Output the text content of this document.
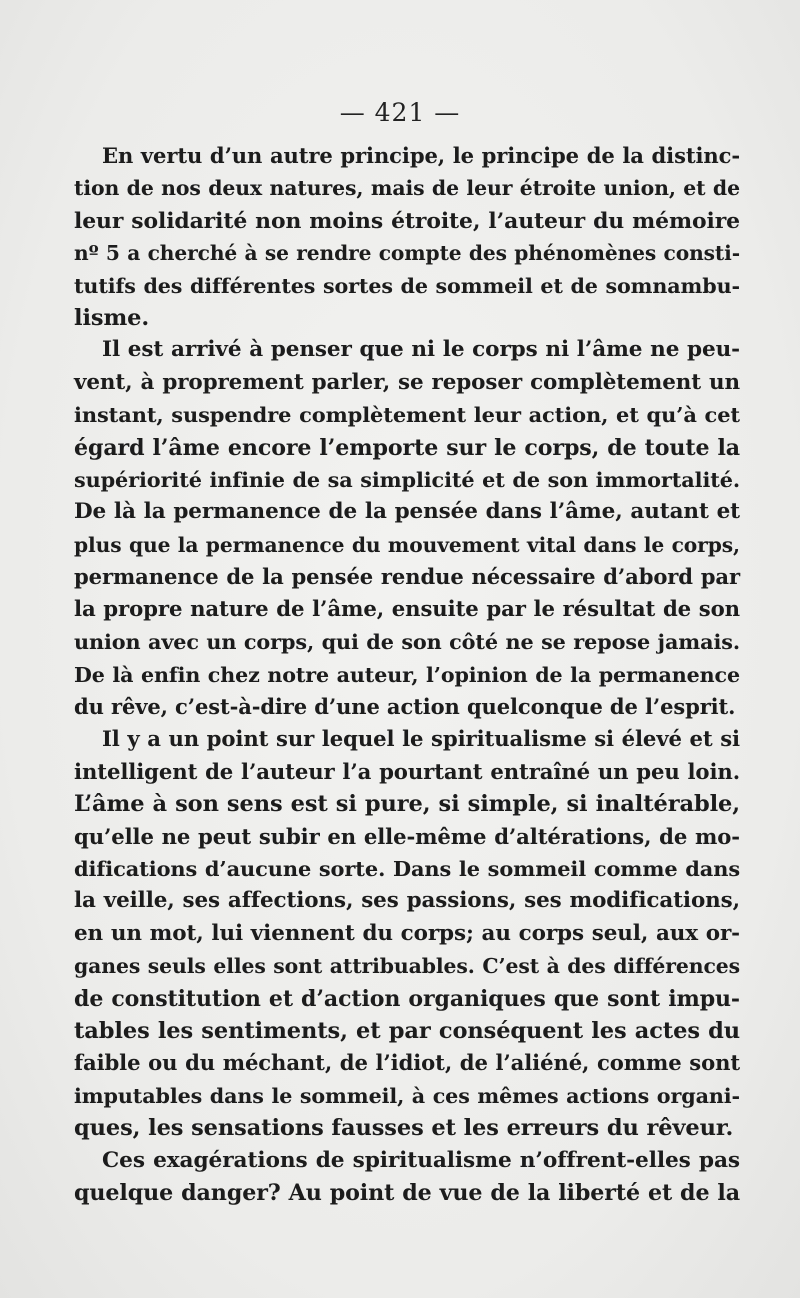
— 421 —
En vertu d’un autre principe, le principe de la distinc-
tion de nos deux natures, mais de leur étroite union, et de
leur solidarité non moins étroite, l’auteur du mémoire
nº 5 a cherché à se rendre compte des phénomènes consti-
tutifs des différentes sortes de sommeil et de somnambu-
lisme.
Il est arrivé à penser que ni le corps ni l’âme ne peu-
vent, à proprement parler, se reposer complètement un
instant, suspendre complètement leur action, et qu’à cet
égard l’âme encore l’emporte sur le corps, de toute la
supériorité infinie de sa simplicité et de son immortalité.
De là la permanence de la pensée dans l’âme, autant et
plus que la permanence du mouvement vital dans le corps,
permanence de la pensée rendue nécessaire d’abord par
la propre nature de l’âme, ensuite par le résultat de son
union avec un corps, qui de son côté ne se repose jamais.
De là enfin chez notre auteur, l’opinion de la permanence
du rêve, c’est-à-dire d’une action quelconque de l’esprit.
Il y a un point sur lequel le spiritualisme si élevé et si
intelligent de l’auteur l’a pourtant entraîné un peu loin.
L’âme à son sens est si pure, si simple, si inaltérable,
qu’elle ne peut subir en elle-même d’altérations, de mo-
difications d’aucune sorte. Dans le sommeil comme dans
la veille, ses affections, ses passions, ses modifications,
en un mot, lui viennent du corps; au corps seul, aux or-
ganes seuls elles sont attribuables. C’est à des différences
de constitution et d’action organiques que sont impu-
tables les sentiments, et par conséquent les actes du
faible ou du méchant, de l’idiot, de l’aliéné, comme sont
imputables dans le sommeil, à ces mêmes actions organi-
ques, les sensations fausses et les erreurs du rêveur.
Ces exagérations de spiritualisme n’offrent-elles pas
quelque danger? Au point de vue de la liberté et de la
